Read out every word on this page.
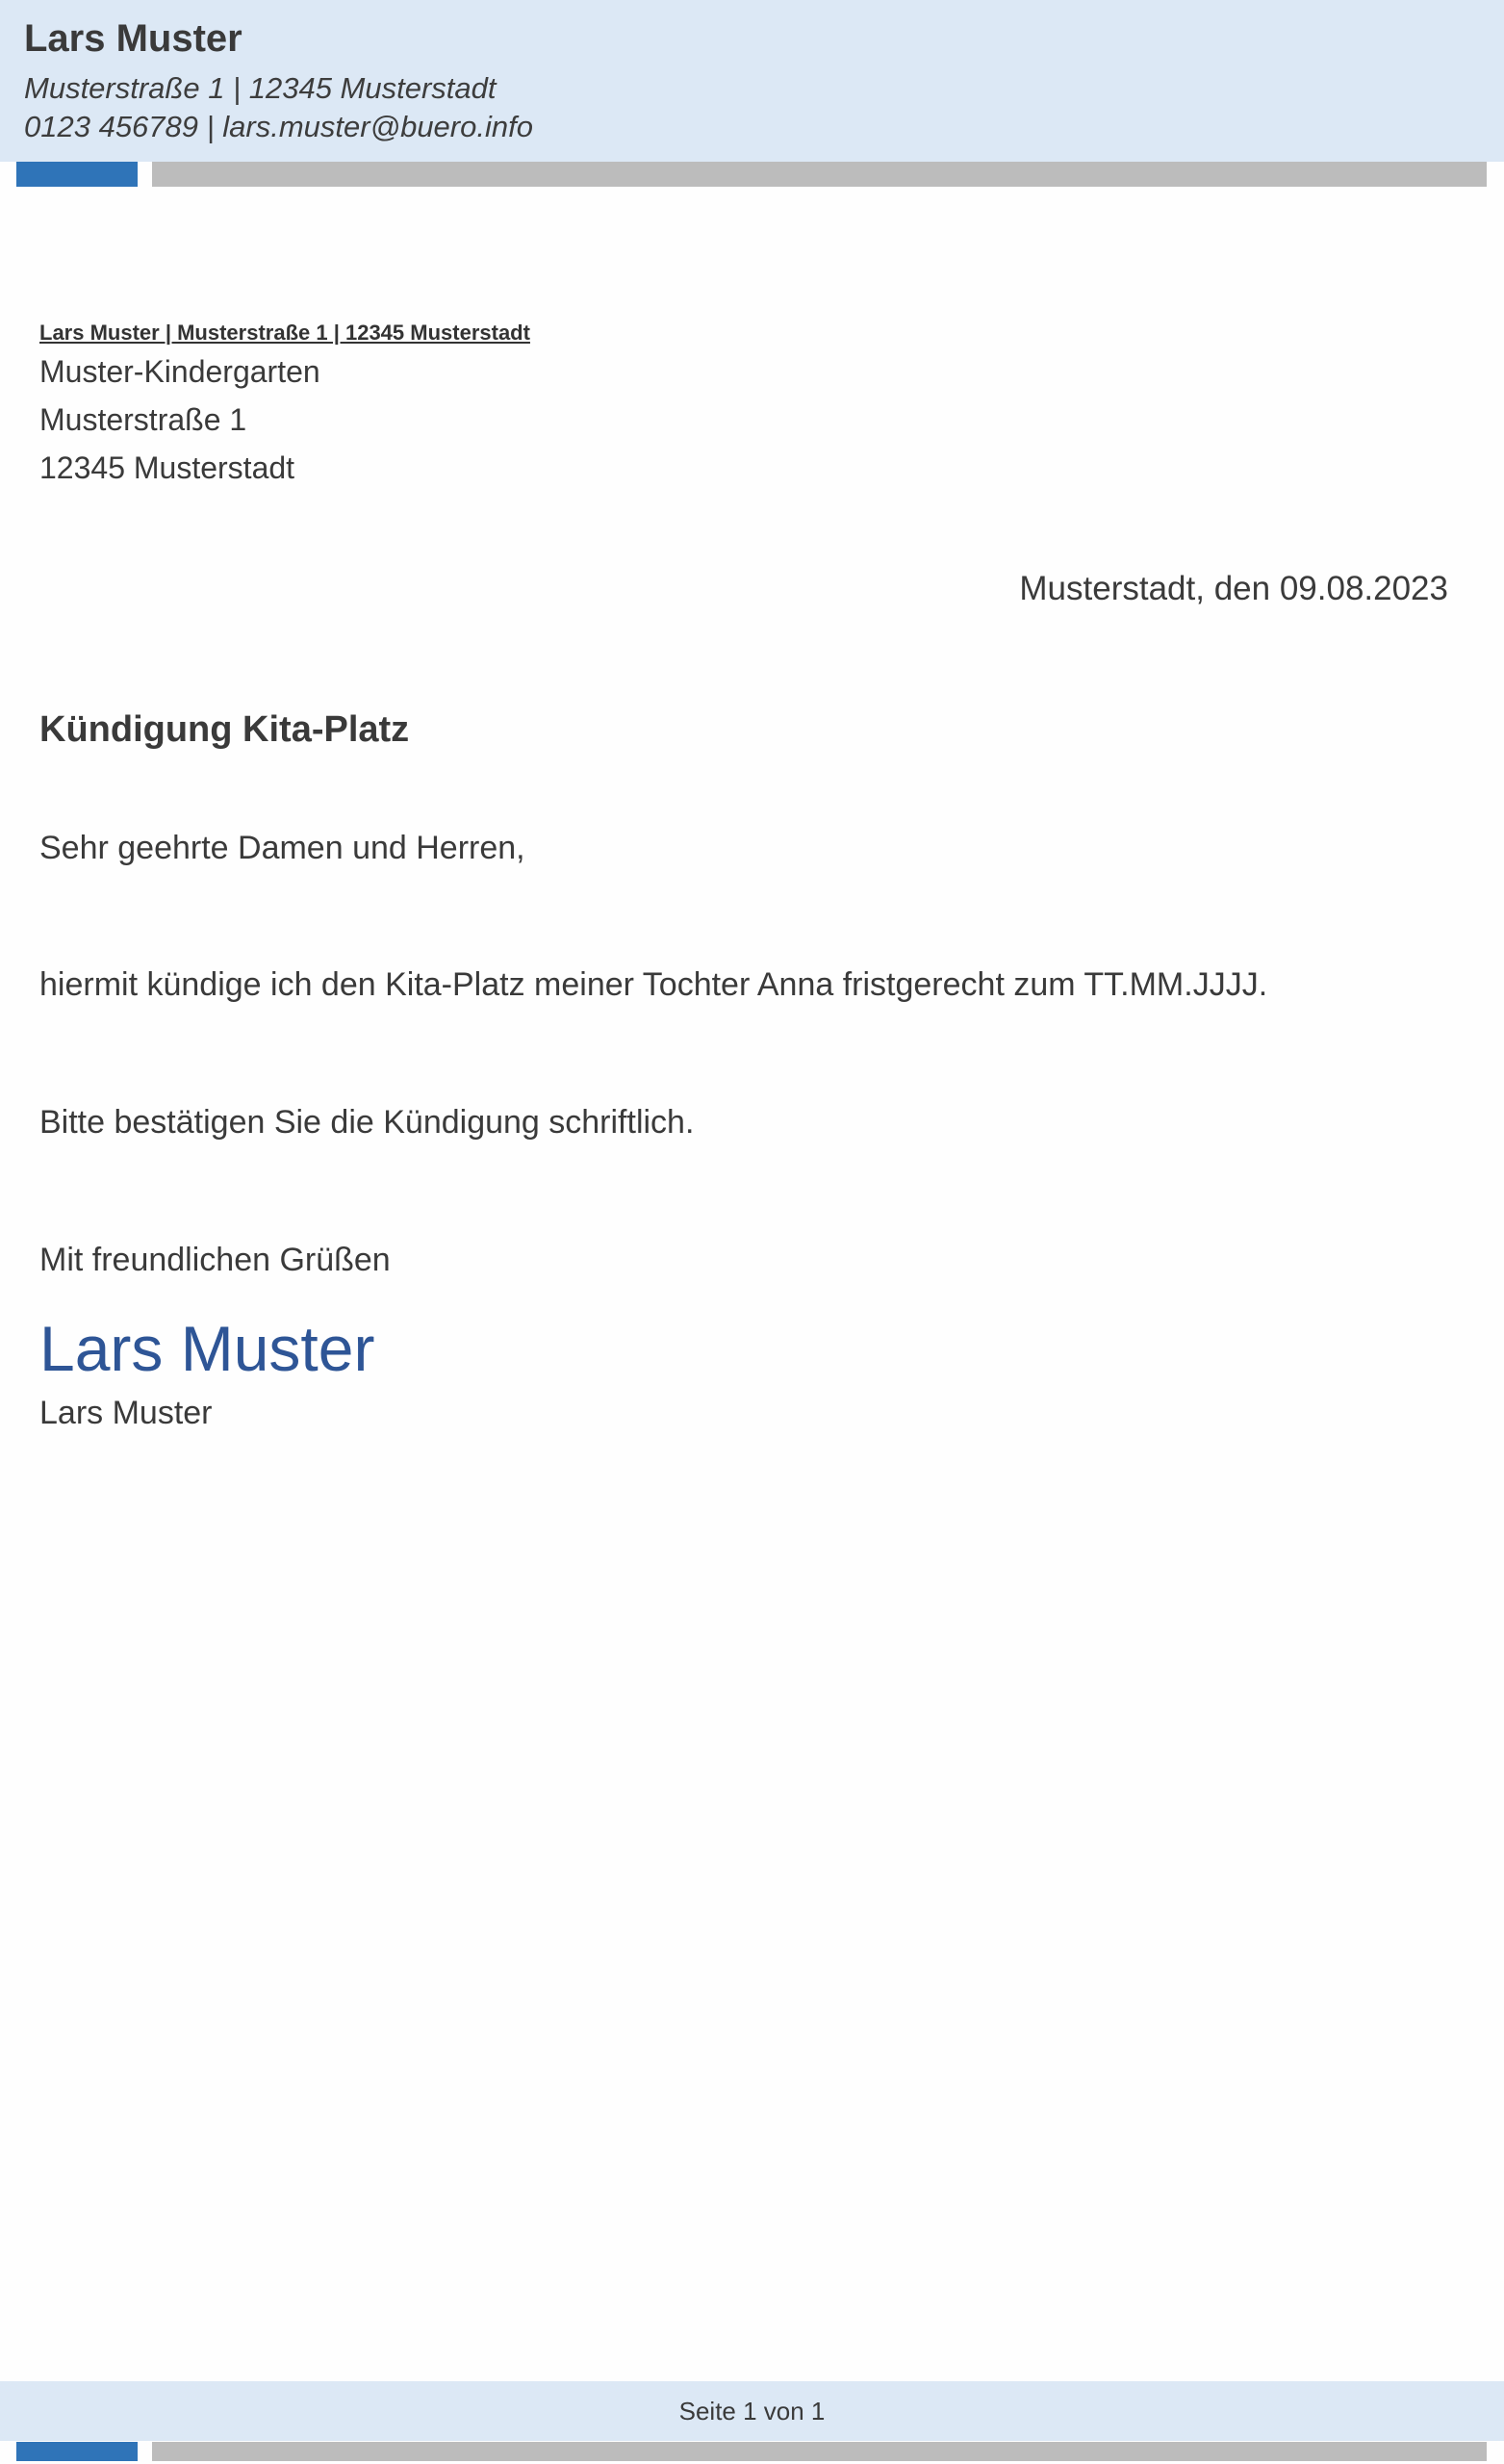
Lars Muster
Musterstraße 1 | 12345 Musterstadt
0123 456789 | lars.muster@buero.info
Lars Muster | Musterstraße 1 | 12345 Musterstadt
Muster-Kindergarten
Musterstraße 1
12345 Musterstadt
Musterstadt, den 09.08.2023
Kündigung Kita-Platz
Sehr geehrte Damen und Herren,
hiermit kündige ich den Kita-Platz meiner Tochter Anna fristgerecht zum TT.MM.JJJJ.
Bitte bestätigen Sie die Kündigung schriftlich.
Mit freundlichen Grüßen
Lars Muster
Lars Muster
Seite 1 von 1
